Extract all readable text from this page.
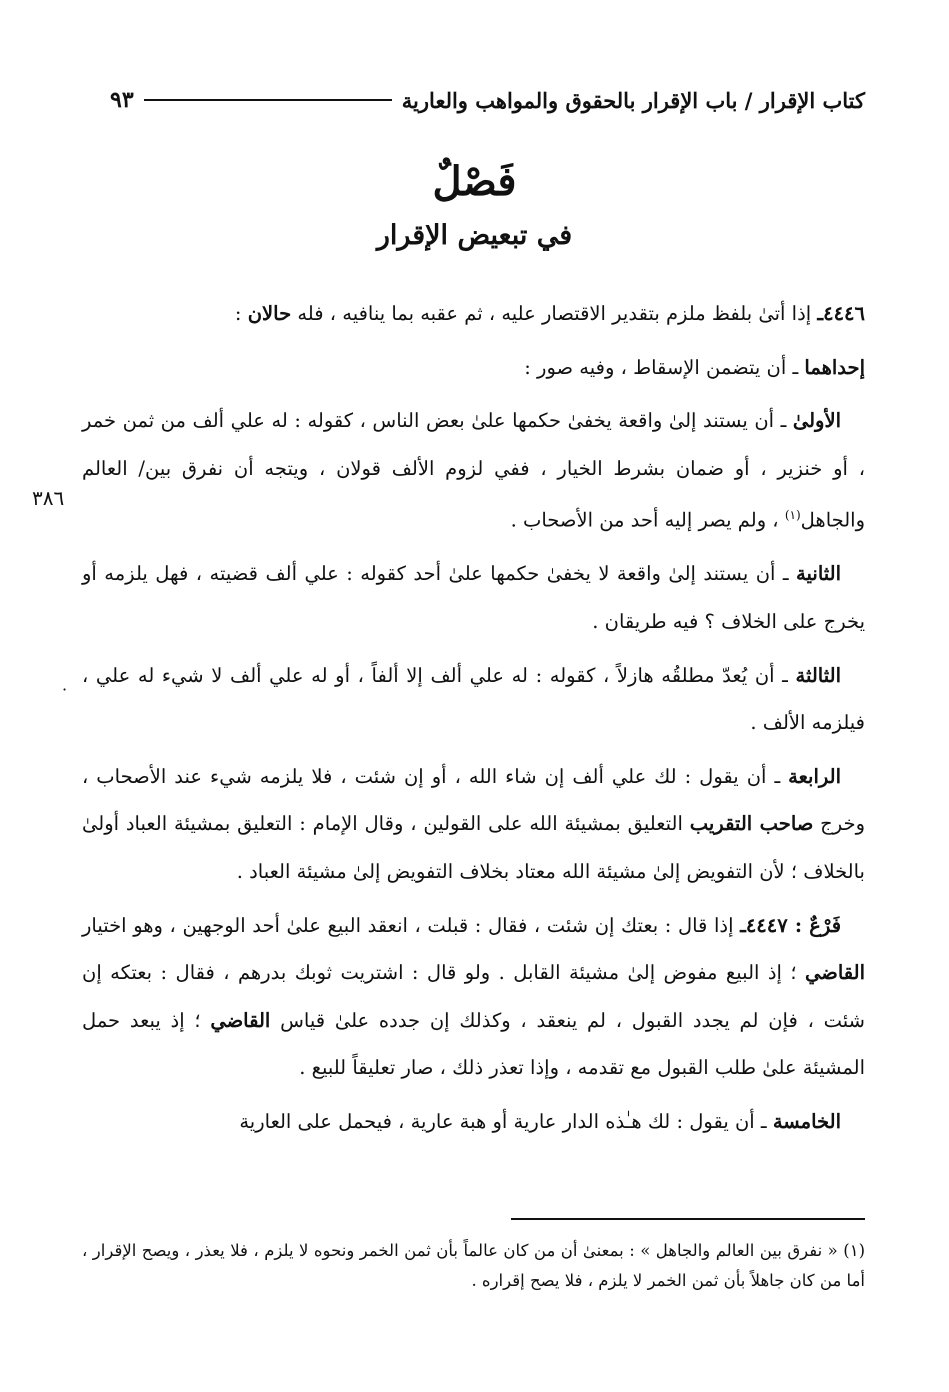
كتاب الإقرار / باب الإقرار بالحقوق والمواهب والعارية
٩٣
فَصْلٌ
في تبعيض الإقرار
٣٨٦
·

٤٤٤٦ـ إذا أتىٰ بلفظ ملزم بتقدير الاقتصار عليه ، ثم عقبه بما ينافيه ، فله حالان :

إحداهما ـ أن يتضمن الإسقاط ، وفيه صور :

الأولىٰ ـ أن يستند إلىٰ واقعة يخفىٰ حكمها علىٰ بعض الناس ، كقوله : له علي ألف من ثمن خمر ، أو خنزير ، أو ضمان بشرط الخيار ، ففي لزوم الألف قولان ، ويتجه أن نفرق بين/ العالم والجاهل$^{(١)}$ ، ولم يصر إليه أحد من الأصحاب .

الثانية ـ أن يستند إلىٰ واقعة لا يخفىٰ حكمها علىٰ أحد كقوله : علي ألف قضيته ، فهل يلزمه أو يخرج على الخلاف ؟ فيه طريقان .

الثالثة ـ أن يُعدّ مطلقُه هازلاً ، كقوله : له علي ألف إلا ألفاً ، أو له علي ألف لا شيء له علي ، فيلزمه الألف .

الرابعة ـ أن يقول : لك علي ألف إن شاء الله ، أو إن شئت ، فلا يلزمه شيء عند الأصحاب ، وخرج صاحب التقريب التعليق بمشيئة الله على القولين ، وقال الإمام : التعليق بمشيئة العباد أولىٰ بالخلاف ؛ لأن التفويض إلىٰ مشيئة الله معتاد بخلاف التفويض إلىٰ مشيئة العباد .

فَرْعٌ : ٤٤٤٧ـ إذا قال : بعتك إن شئت ، فقال : قبلت ، انعقد البيع علىٰ أحد الوجهين ، وهو اختيار القاضي ؛ إذ البيع مفوض إلىٰ مشيئة القابل . ولو قال : اشتريت ثوبك بدرهم ، فقال : بعتكه إن شئت ، فإن لم يجدد القبول ، لم ينعقد ، وكذلك إن جدده علىٰ قياس القاضي ؛ إذ يبعد حمل المشيئة علىٰ طلب القبول مع تقدمه ، وإذا تعذر ذلك ، صار تعليقاً للبيع .

الخامسة ـ أن يقول : لك هـٰذه الدار عارية أو هبة عارية ، فيحمل على العارية

(١) « نفرق بين العالم والجاهل » : بمعنىٰ أن من كان عالماً بأن ثمن الخمر ونحوه لا يلزم ، فلا يعذر ، ويصح الإقرار ، أما من كان جاهلاً بأن ثمن الخمر لا يلزم ، فلا يصح إقراره .
